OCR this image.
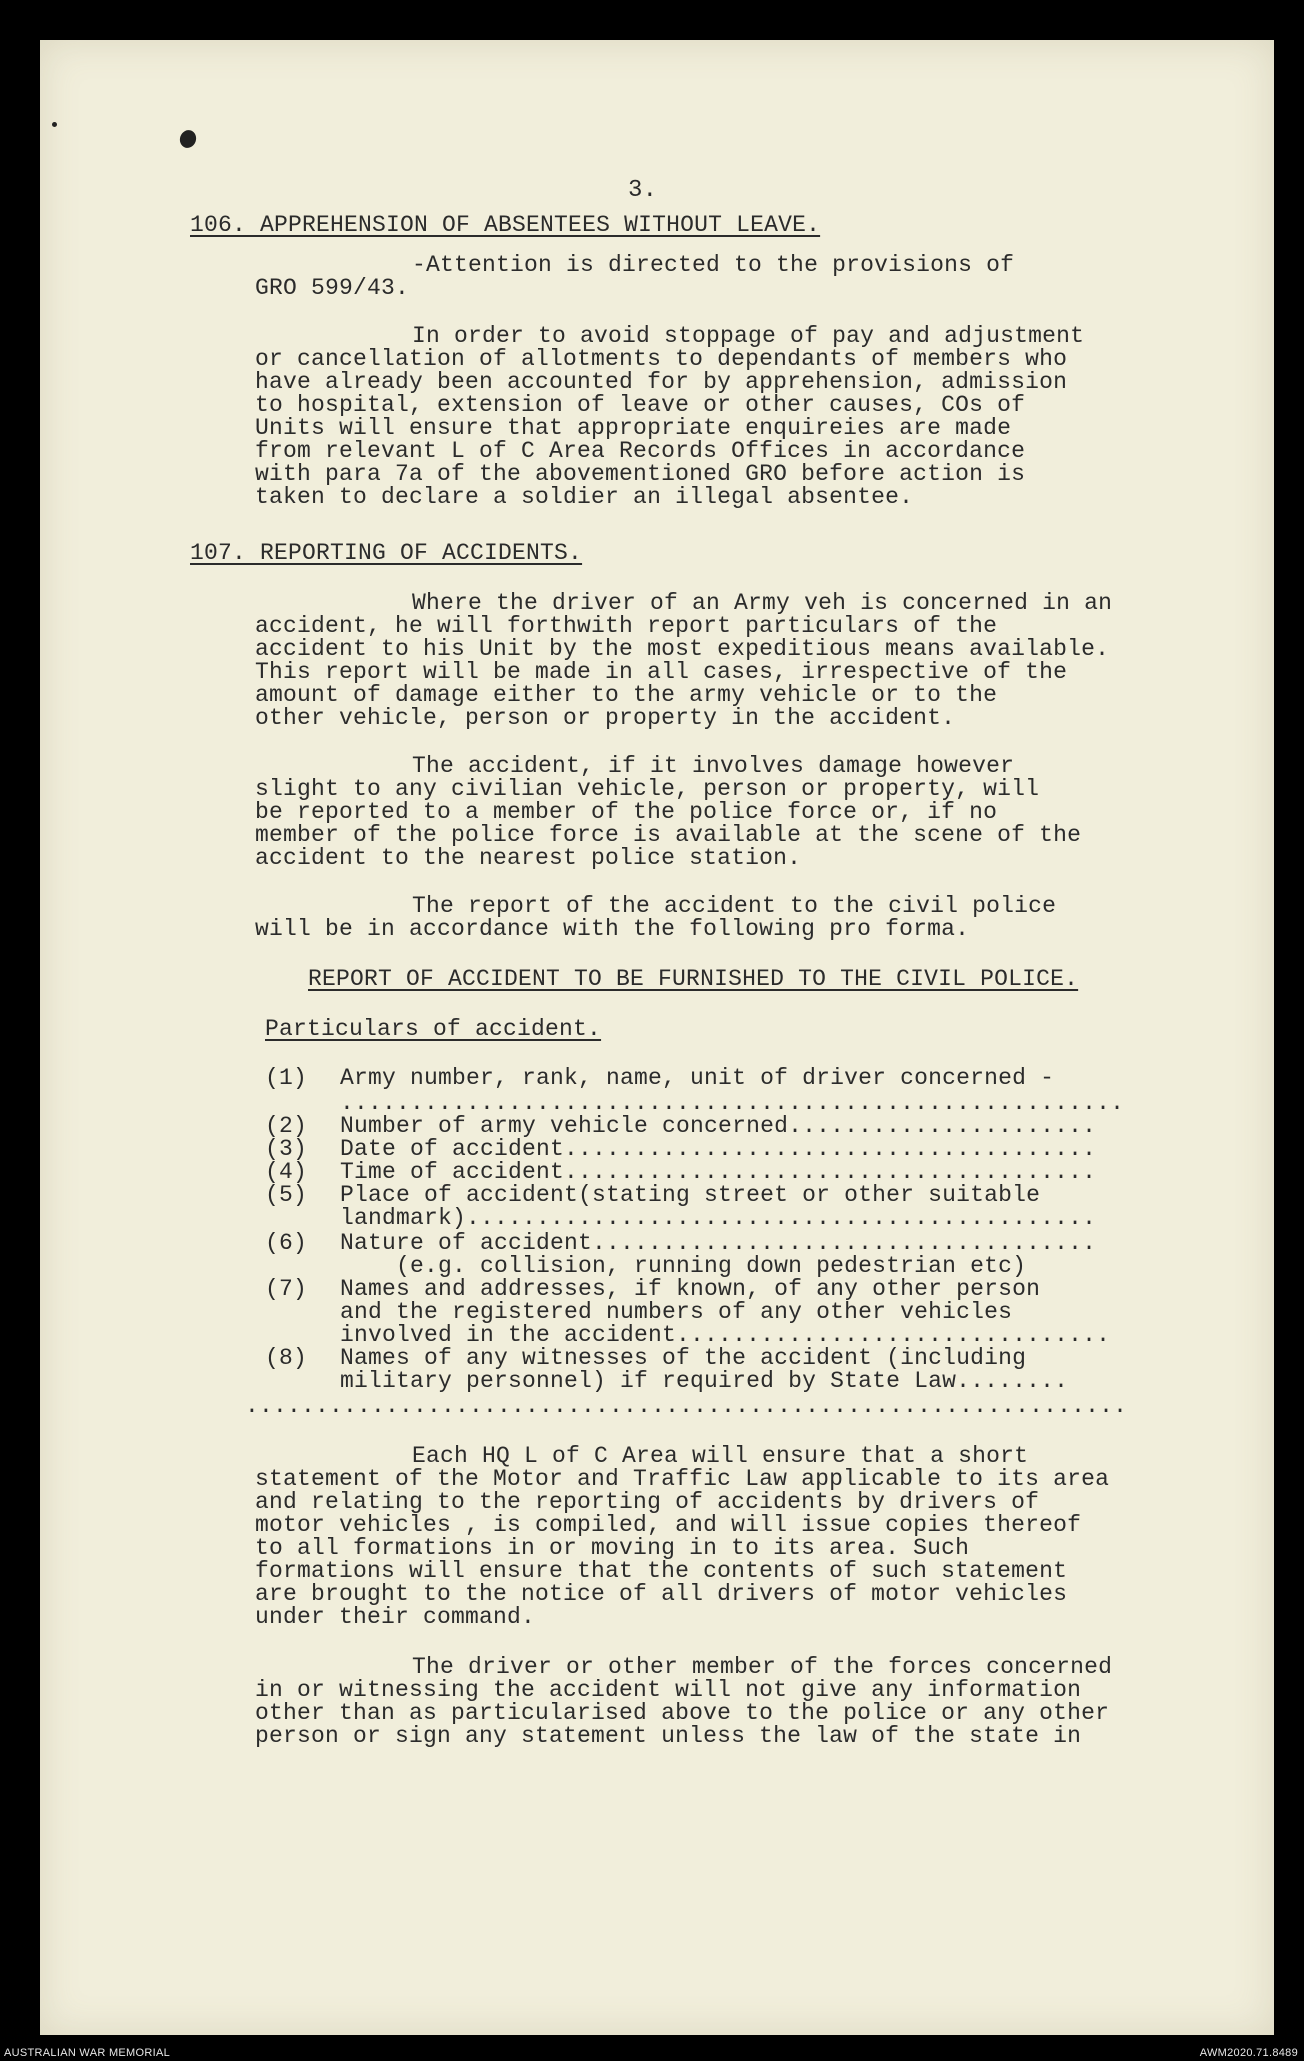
3.
106. APPREHENSION OF ABSENTEES WITHOUT LEAVE.
-Attention is directed to the provisions of
GRO 599/43.
In order to avoid stoppage of pay and adjustment
or cancellation of allotments to dependants of members who
have already been accounted for by apprehension, admission
to hospital, extension of leave or other causes, COs of
Units will ensure that appropriate enquireies are made
from relevant L of C Area Records Offices in accordance
with para 7a of the abovementioned GRO before action is
taken to declare a soldier an illegal absentee.
107. REPORTING OF ACCIDENTS.
Where the driver of an Army veh is concerned in an
accident, he will forthwith report particulars of the
accident to his Unit by the most expeditious means available.
This report will be made in all cases, irrespective of the
amount of damage either to the army vehicle or to the
other vehicle, person or property in the accident.
The accident, if it involves damage however
slight to any civilian vehicle, person or property, will
be reported to a member of the police force or, if no
member of the police force is available at the scene of the
accident to the nearest police station.
The report of the accident to the civil police
will be in accordance with the following pro forma.
REPORT OF ACCIDENT TO BE FURNISHED TO THE CIVIL POLICE.
Particulars of accident.
(1) Army number, rank, name, unit of driver concerned -
........................................................
(2) Number of army vehicle concerned......................
(3) Date of accident......................................
(4) Time of accident......................................
(5) Place of accident(stating street or other suitable
landmark).............................................
(6) Nature of accident....................................
(e.g. collision, running down pedestrian etc)
(7) Names and addresses, if known, of any other person
and the registered numbers of any other vehicles
involved in the accident...............................
(8) Names of any witnesses of the accident (including
military personnel) if required by State Law........
...............................................................
Each HQ L of C Area will ensure that a short
statement of the Motor and Traffic Law applicable to its area
and relating to the reporting of accidents by drivers of
motor vehicles , is compiled, and will issue copies thereof
to all formations in or moving in to its area. Such
formations will ensure that the contents of such statement
are brought to the notice of all drivers of motor vehicles
under their command.
The driver or other member of the forces concerned
in or witnessing the accident will not give any information
other than as particularised above to the police or any other
person or sign any statement unless the law of the state in
AUSTRALIAN WAR MEMORIAL	AWM2020.71.8489
